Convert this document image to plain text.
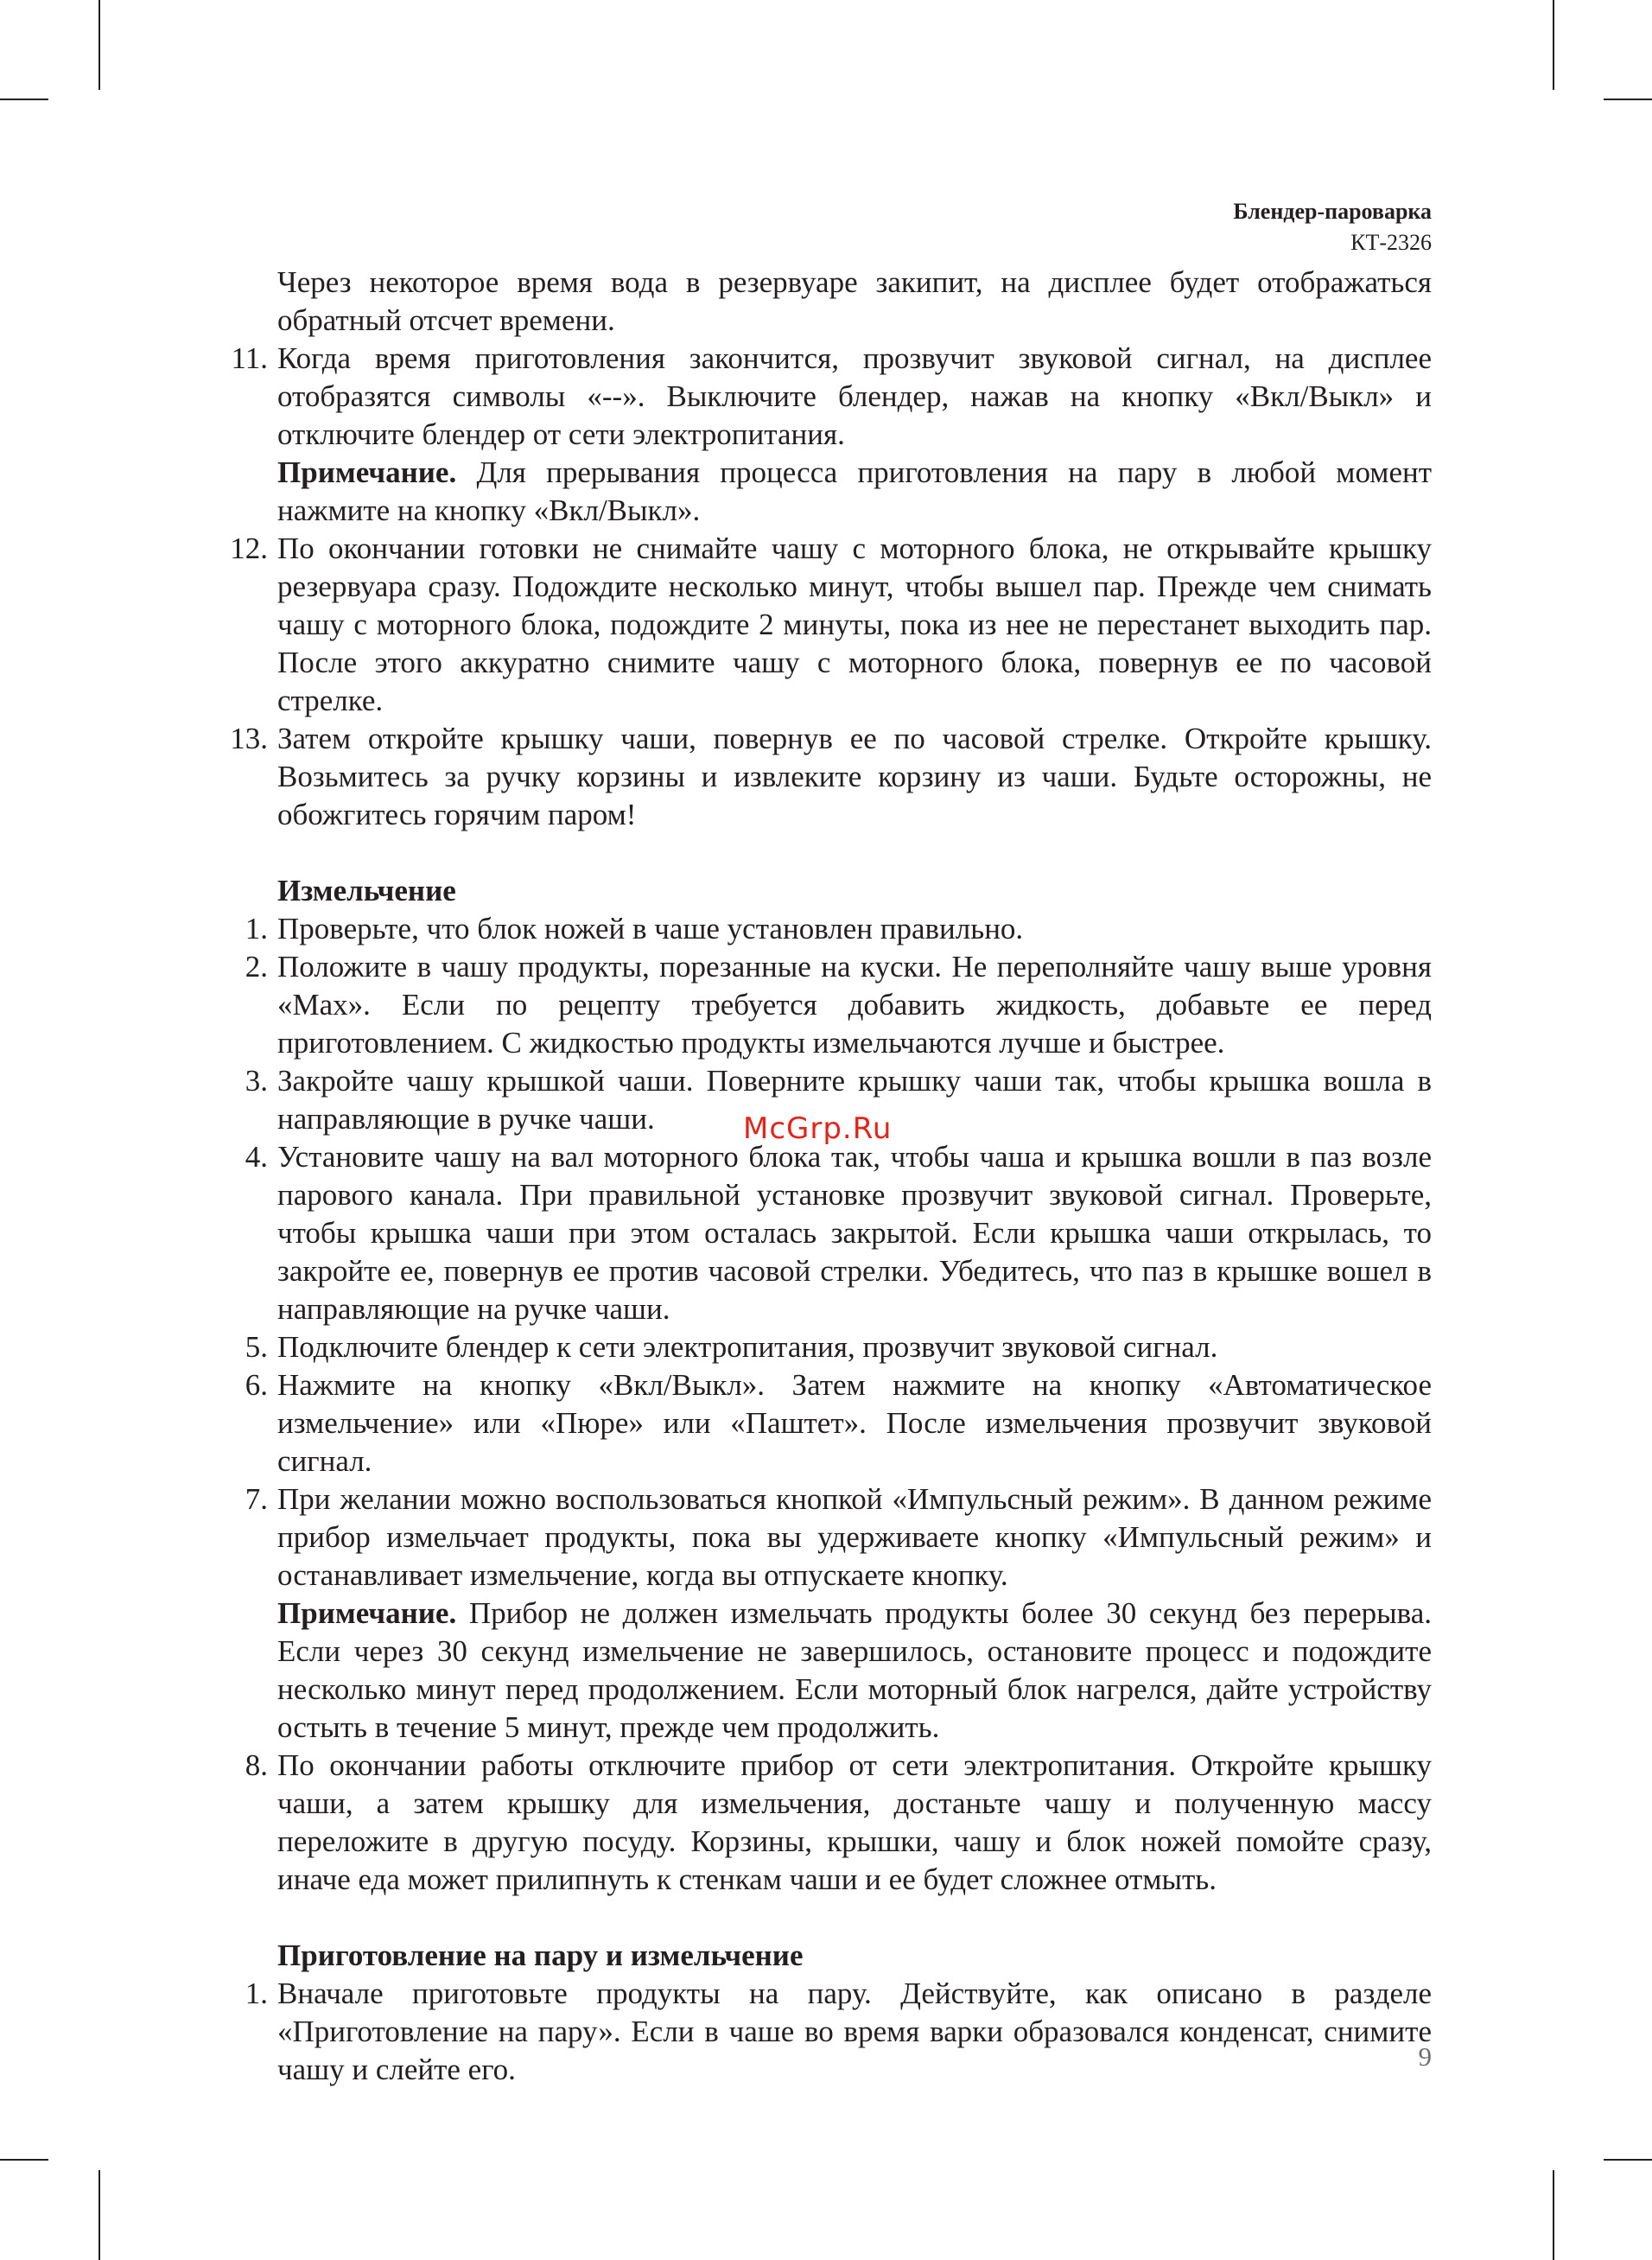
Блендер-пароварка
КТ-2326
Через некоторое время вода в резервуаре закипит, на дисплее будет отображаться обратный отсчет времени.
11. Когда время приготовления закончится, прозвучит звуковой сигнал, на дисплее отобразятся символы «--». Выключите блендер, нажав на кнопку «Вкл/Выкл» и отключите блендер от сети электропитания.
Примечание. Для прерывания процесса приготовления на пару в любой момент нажмите на кнопку «Вкл/Выкл».
12. По окончании готовки не снимайте чашу с моторного блока, не открывайте крышку резервуара сразу. Подождите несколько минут, чтобы вышел пар. Прежде чем снимать чашу с моторного блока, подождите 2 минуты, пока из нее не перестанет выходить пар. После этого аккуратно снимите чашу с моторного блока, повернув ее по часовой стрелке.
13. Затем откройте крышку чаши, повернув ее по часовой стрелке. Откройте крышку. Возьмитесь за ручку корзины и извлеките корзину из чаши. Будьте осторожны, не обожгитесь горячим паром!
Измельчение
1. Проверьте, что блок ножей в чаше установлен правильно.
2. Положите в чашу продукты, порезанные на куски. Не переполняйте чашу выше уровня «Max». Если по рецепту требуется добавить жидкость, добавьте ее перед приготовлением. С жидкостью продукты измельчаются лучше и быстрее.
3. Закройте чашу крышкой чаши. Поверните крышку чаши так, чтобы крышка вошла в направляющие в ручке чаши.
4. Установите чашу на вал моторного блока так, чтобы чаша и крышка вошли в паз возле парового канала. При правильной установке прозвучит звуковой сигнал. Проверьте, чтобы крышка чаши при этом осталась закрытой. Если крышка чаши открылась, то закройте ее, повернув ее против часовой стрелки. Убедитесь, что паз в крышке вошел в направляющие на ручке чаши.
5. Подключите блендер к сети электропитания, прозвучит звуковой сигнал.
6. Нажмите на кнопку «Вкл/Выкл». Затем нажмите на кнопку «Автоматическое измельчение» или «Пюре» или «Паштет». После измельчения прозвучит звуковой сигнал.
7. При желании можно воспользоваться кнопкой «Импульсный режим». В данном режиме прибор измельчает продукты, пока вы удерживаете кнопку «Импульсный режим» и останавливает измельчение, когда вы отпускаете кнопку.
Примечание. Прибор не должен измельчать продукты более 30 секунд без перерыва. Если через 30 секунд измельчение не завершилось, остановите процесс и подождите несколько минут перед продолжением. Если моторный блок нагрелся, дайте устройству остыть в течение 5 минут, прежде чем продолжить.
8. По окончании работы отключите прибор от сети электропитания. Откройте крышку чаши, а затем крышку для измельчения, достаньте чашу и полученную массу переложите в другую посуду. Корзины, крышки, чашу и блок ножей помойте сразу, иначе еда может прилипнуть к стенкам чаши и ее будет сложнее отмыть.
Приготовление на пару и измельчение
1. Вначале приготовьте продукты на пару. Действуйте, как описано в разделе «Приготовление на пару». Если в чаше во время варки образовался конденсат, снимите чашу и слейте его.
McGrp.Ru
9
